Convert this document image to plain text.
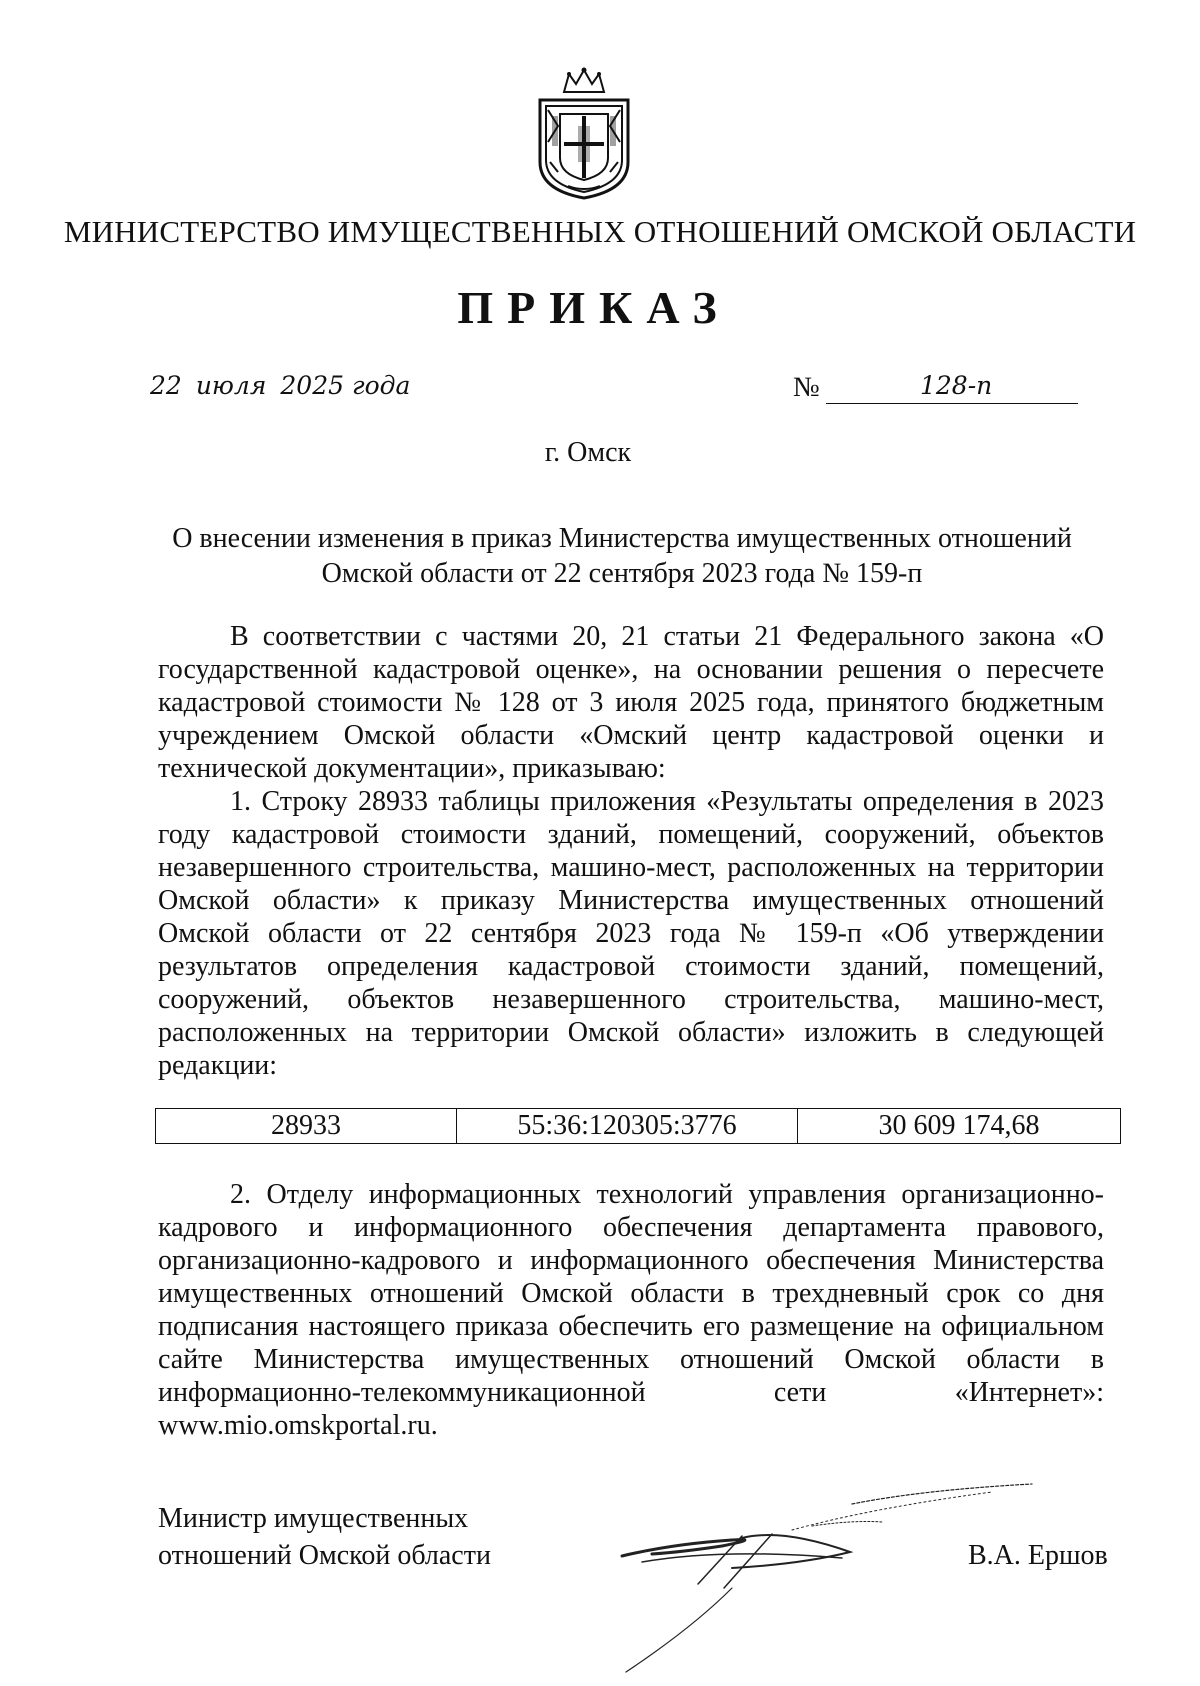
МИНИСТЕРСТВО ИМУЩЕСТВЕННЫХ ОТНОШЕНИЙ ОМСКОЙ ОБЛАСТИ
ПРИКАЗ
22 июля 2025 года	№	128-п
г. Омск
О внесении изменения в приказ Министерства имущественных отношений
Омской области от 22 сентября 2023 года № 159-п

В соответствии с частями 20, 21 статьи 21 Федерального закона «О государственной кадастровой оценке», на основании решения о пересчете кадастровой стоимости № 128 от 3 июля 2025 года, принятого бюджетным учреждением Омской области «Омский центр кадастровой оценки и технической документации», приказываю:

1. Строку 28933 таблицы приложения «Результаты определения в 2023 году кадастровой стоимости зданий, помещений, сооружений, объектов незавершенного строительства, машино-мест, расположенных на территории Омской области» к приказу Министерства имущественных отношений Омской области от 22 сентября 2023 года № 159-п «Об утверждении результатов определения кадастровой стоимости зданий, помещений, сооружений, объектов незавершенного строительства, машино-мест, расположенных на территории Омской области» изложить в следующей редакции:

28933	55:36:120305:3776	30 609 174,68

2. Отделу информационных технологий управления организационно-кадрового и информационного обеспечения департамента правового, организационно-кадрового и информационного обеспечения Министерства имущественных отношений Омской области в трехдневный срок со дня подписания настоящего приказа обеспечить его размещение на официальном сайте Министерства имущественных отношений Омской области в информационно-телекоммуникационной сети «Интернет»: www.mio.omskportal.ru.

Министр имущественных
отношений Омской области	В.А. Ершов
